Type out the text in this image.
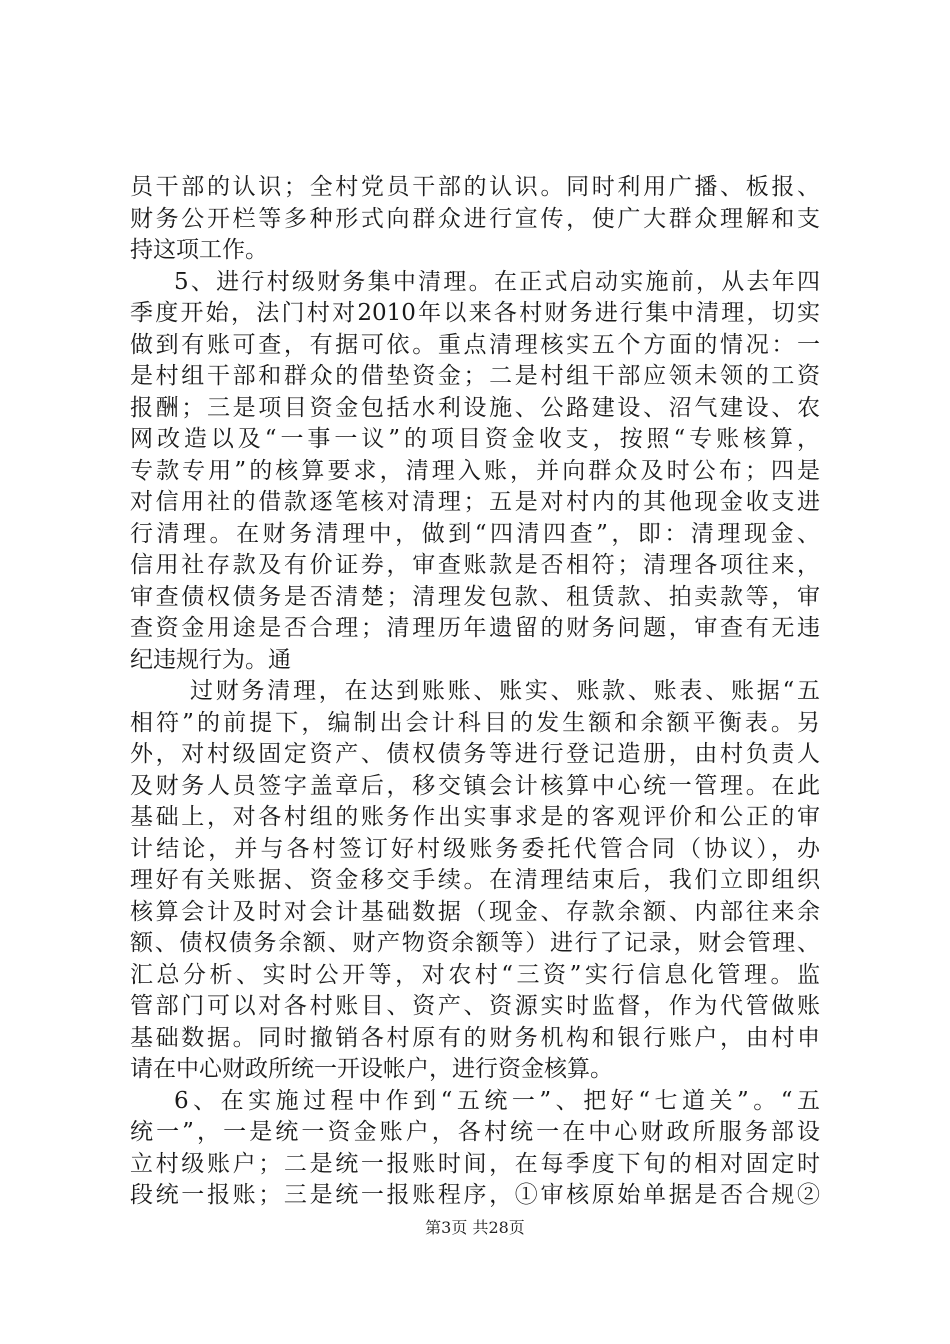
员干部的认识；全村党员干部的认识。同时利用广播、板报、
财务公开栏等多种形式向群众进行宣传，使广大群众理解和支
持这项工作。
5、进行村级财务集中清理。在正式启动实施前，从去年四
季度开始，法门村对2010年以来各村财务进行集中清理，切实
做到有账可查，有据可依。重点清理核实五个方面的情况：一
是村组干部和群众的借垫资金；二是村组干部应领未领的工资
报酬；三是项目资金包括水利设施、公路建设、沼气建设、农
网改造以及“一事一议”的项目资金收支，按照“专账核算，
专款专用”的核算要求，清理入账，并向群众及时公布；四是
对信用社的借款逐笔核对清理；五是对村内的其他现金收支进
行清理。在财务清理中，做到“四清四查”，即：清理现金、
信用社存款及有价证券，审查账款是否相符；清理各项往来，
审查债权债务是否清楚；清理发包款、租赁款、拍卖款等，审
查资金用途是否合理；清理历年遗留的财务问题，审查有无违
纪违规行为。通
过财务清理，在达到账账、账实、账款、账表、账据“五
相符”的前提下，编制出会计科目的发生额和余额平衡表。另
外，对村级固定资产、债权债务等进行登记造册，由村负责人
及财务人员签字盖章后，移交镇会计核算中心统一管理。在此
基础上，对各村组的账务作出实事求是的客观评价和公正的审
计结论，并与各村签订好村级账务委托代管合同（协议），办
理好有关账据、资金移交手续。在清理结束后，我们立即组织
核算会计及时对会计基础数据（现金、存款余额、内部往来余
额、债权债务余额、财产物资余额等）进行了记录，财会管理、
汇总分析、实时公开等，对农村“三资”实行信息化管理。监
管部门可以对各村账目、资产、资源实时监督，作为代管做账
基础数据。同时撤销各村原有的财务机构和银行账户，由村申
请在中心财政所统一开设帐户，进行资金核算。
6、在实施过程中作到“五统一”、把好“七道关”。“五
统一”，一是统一资金账户，各村统一在中心财政所服务部设
立村级账户；二是统一报账时间，在每季度下旬的相对固定时
段统一报账；三是统一报账程序，①审核原始单据是否合规②
第3页 共28页
